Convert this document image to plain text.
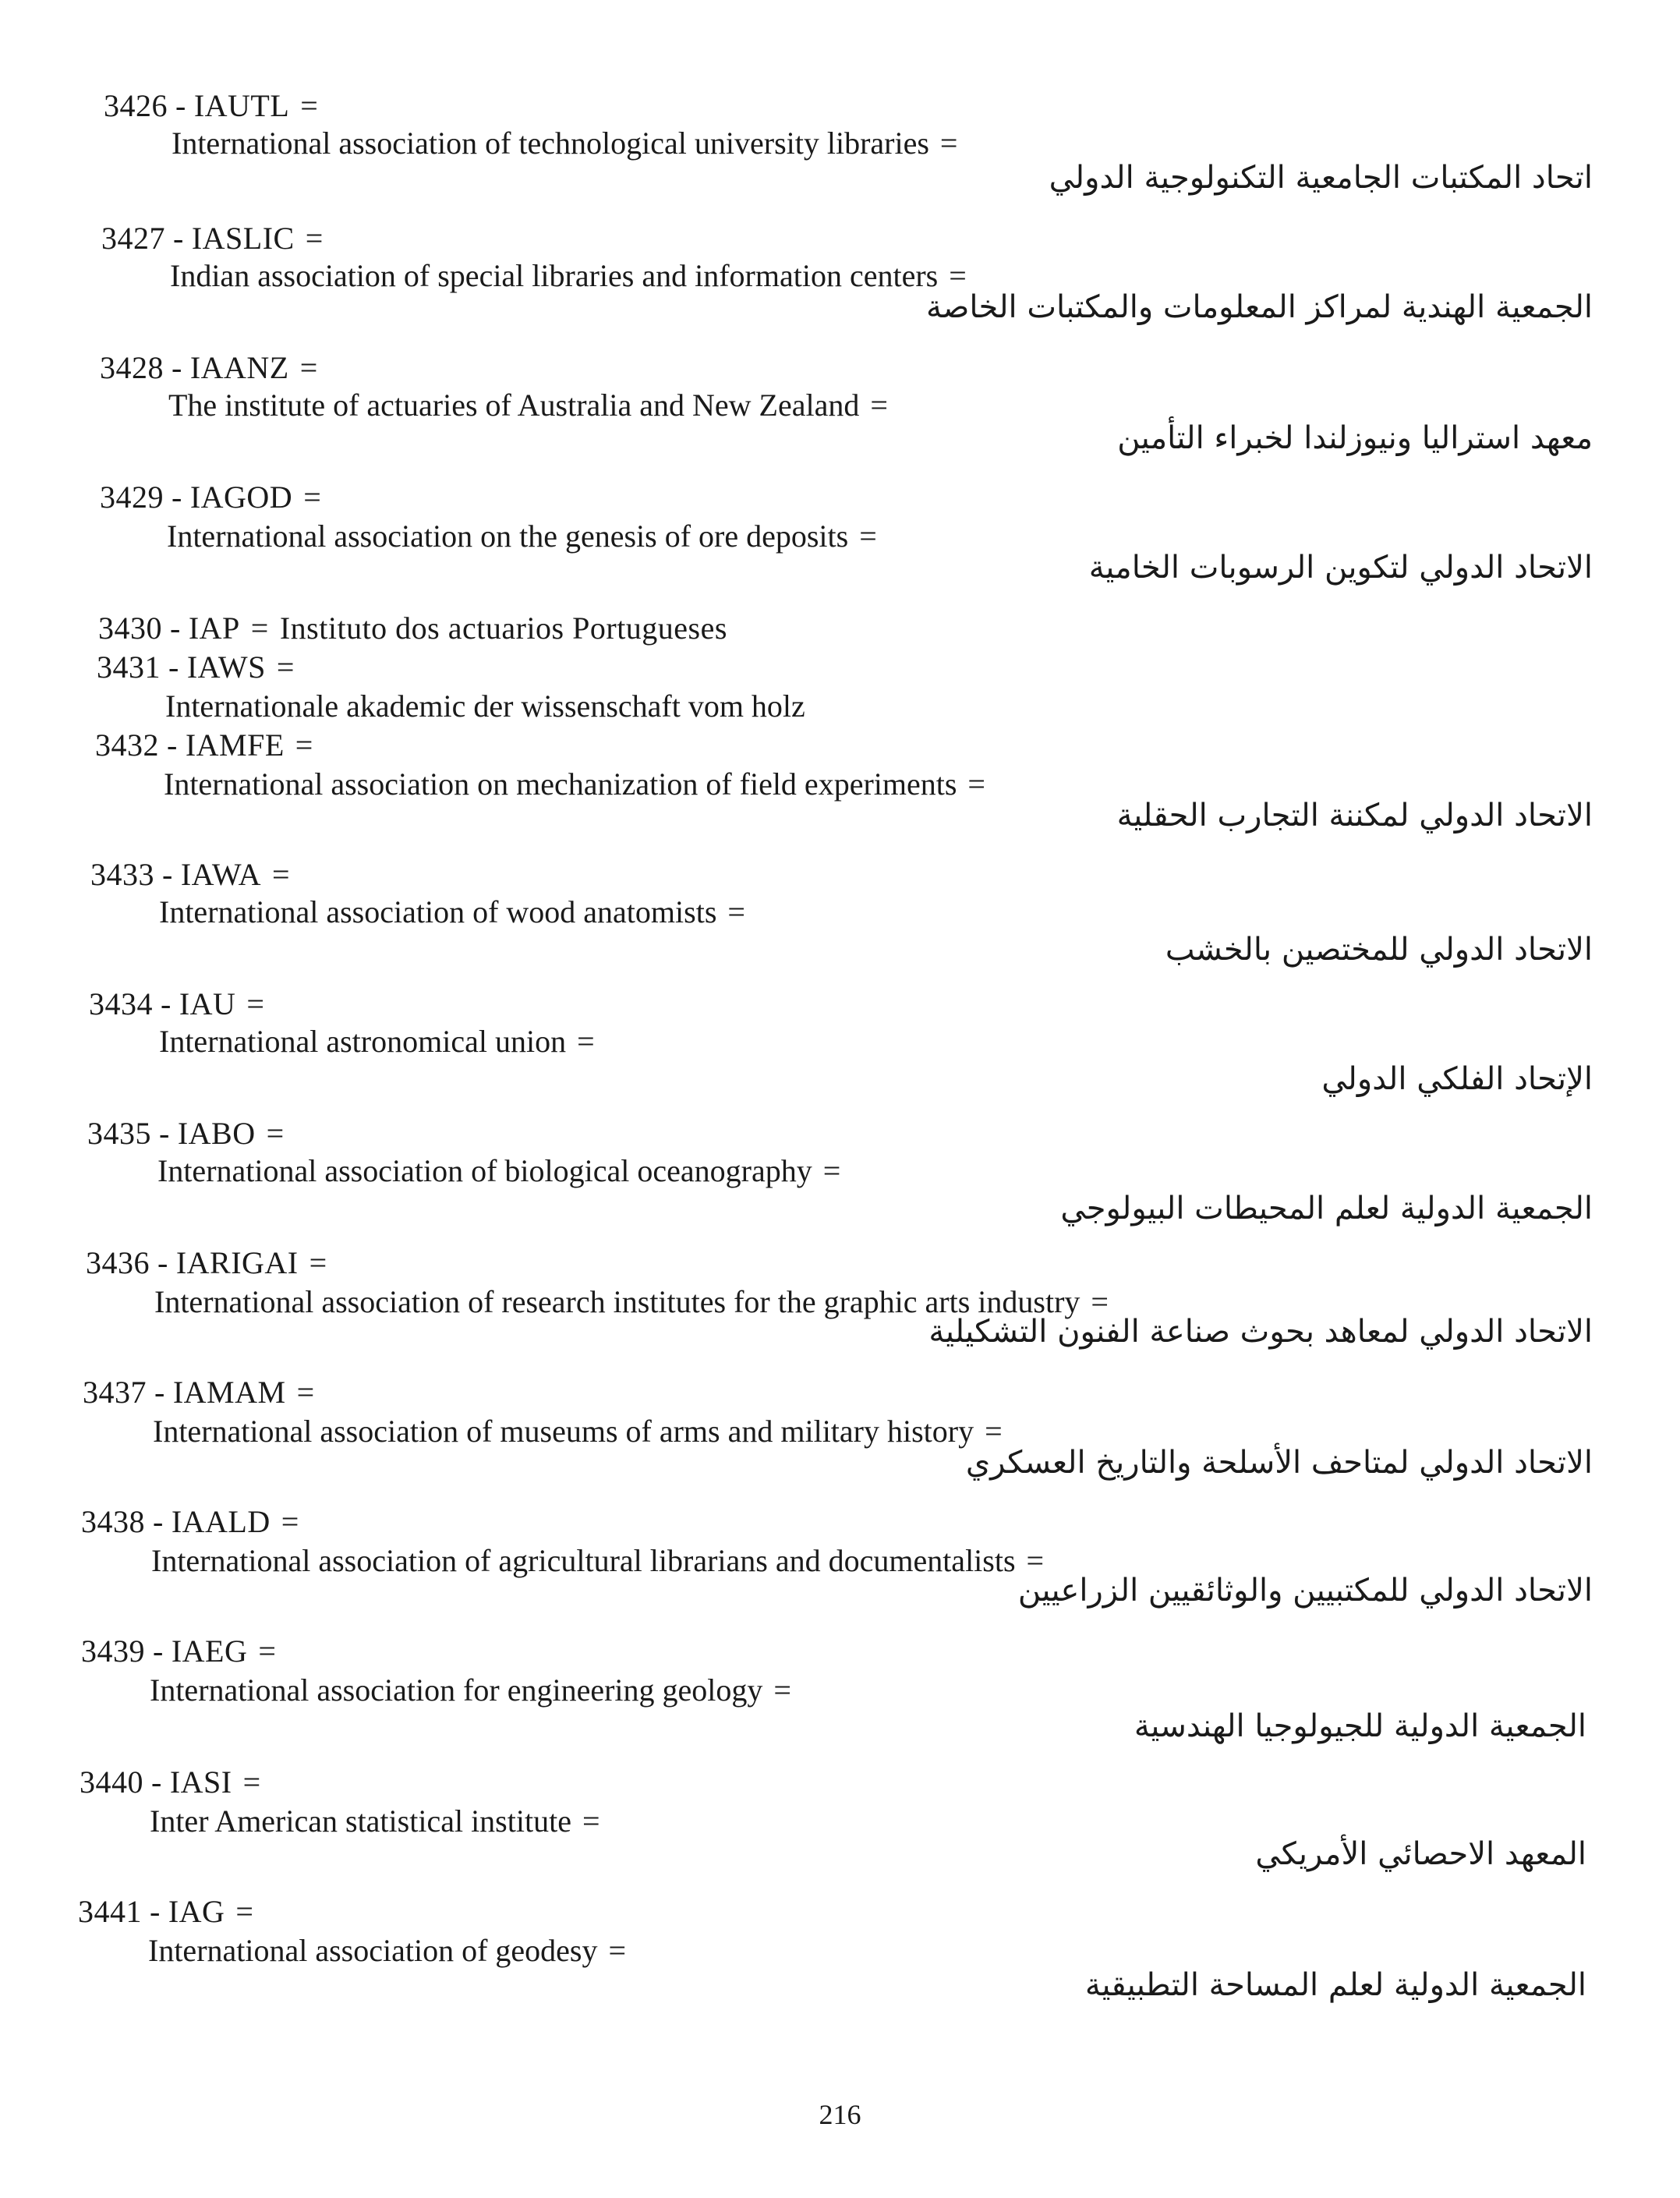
3426 - IAUTL =
International association of technological university libraries =
اتحاد المكتبات الجامعية التكنولوجية الدولي
3427 - IASLIC =
Indian association of special libraries and information centers =
الجمعية الهندية لمراكز المعلومات والمكتبات الخاصة
3428 - IAANZ =
The institute of actuaries of Australia and New Zealand =
معهد استراليا ونيوزلندا لخبراء التأمين
3429 - IAGOD =
International association on the genesis of ore deposits =
الاتحاد الدولي لتكوين الرسوبات الخامية
3430 - IAP = Instituto dos actuarios Portugueses
3431 - IAWS =
Internationale akademic der wissenschaft vom holz
3432 - IAMFE =
International association on mechanization of field experiments =
الاتحاد الدولي لمكننة التجارب الحقلية
3433 - IAWA =
International association of wood anatomists =
الاتحاد الدولي للمختصين بالخشب
3434 - IAU =
International astronomical union =
الإتحاد الفلكي الدولي
3435 - IABO =
International association of biological oceanography =
الجمعية الدولية لعلم المحيطات البيولوجي
3436 - IARIGAI =
International association of research institutes for the graphic arts industry =
الاتحاد الدولي لمعاهد بحوث صناعة الفنون التشكيلية
3437 - IAMAM =
International association of museums of arms and military history =
الاتحاد الدولي لمتاحف الأسلحة والتاريخ العسكري
3438 - IAALD =
International association of agricultural librarians and documentalists =
الاتحاد الدولي للمكتبيين والوثائقيين الزراعيين
3439 - IAEG =
International association for engineering geology =
الجمعية الدولية للجيولوجيا الهندسية
3440 - IASI =
Inter American statistical institute =
المعهد الاحصائي الأمريكي
3441 - IAG =
International association of geodesy =
الجمعية الدولية لعلم المساحة التطبيقية
216
